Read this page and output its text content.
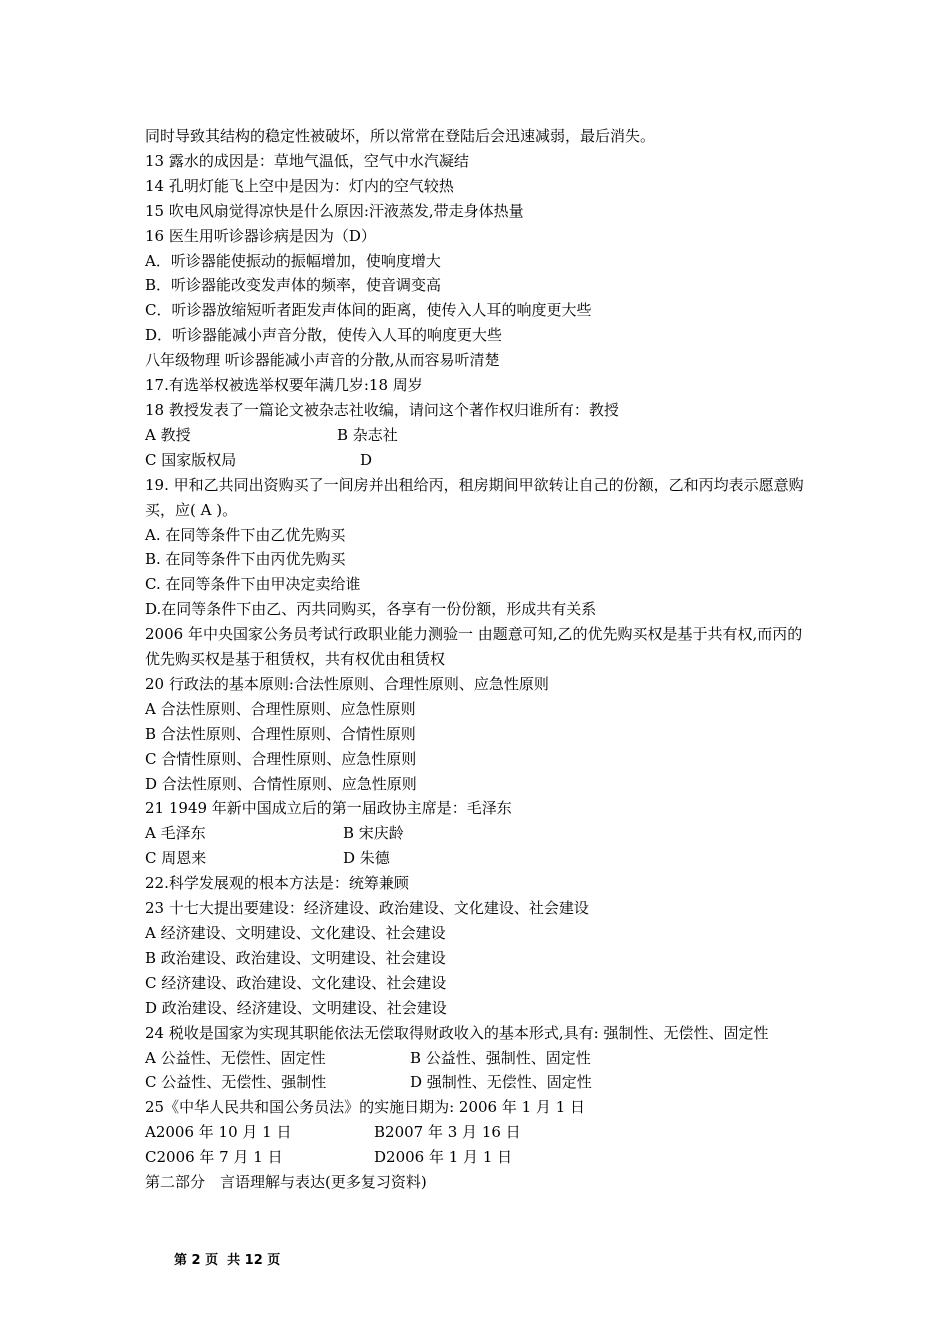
同时导致其结构的稳定性被破坏，所以常常在登陆后会迅速减弱，最后消失。
13 露水的成因是：草地气温低，空气中水汽凝结
14 孔明灯能飞上空中是因为：灯内的空气较热
15 吹电风扇觉得凉快是什么原因:汗液蒸发,带走身体热量
16 医生用听诊器诊病是因为（D）
A．听诊器能使振动的振幅增加，使响度增大
B．听诊器能改变发声体的频率，使音调变高
C．听诊器放缩短听者距发声体间的距离，使传入人耳的响度更大些
D．听诊器能减小声音分散，使传入人耳的响度更大些
八年级物理 听诊器能减小声音的分散,从而容易听清楚
17.有选举权被选举权要年满几岁:18 周岁
18 教授发表了一篇论文被杂志社收编，请问这个著作权归谁所有：教授
A 教授	B 杂志社
C 国家版权局	D
19. 甲和乙共同出资购买了一间房并出租给丙，租房期间甲欲转让自己的份额，乙和丙均表示愿意购买，应( A )。
A. 在同等条件下由乙优先购买
B. 在同等条件下由丙优先购买
C. 在同等条件下由甲决定卖给谁
D.在同等条件下由乙、丙共同购买，各享有一份份额，形成共有关系
2006 年中央国家公务员考试行政职业能力测验一 由题意可知,乙的优先购买权是基于共有权,而丙的优先购买权是基于租赁权，共有权优由租赁权
20 行政法的基本原则:合法性原则、合理性原则、应急性原则
A 合法性原则、合理性原则、应急性原则
B 合法性原则、合理性原则、合情性原则
C 合情性原则、合理性原则、应急性原则
D 合法性原则、合情性原则、应急性原则
21 1949 年新中国成立后的第一届政协主席是：毛泽东
A 毛泽东	B 宋庆龄
C 周恩来	D 朱德
22.科学发展观的根本方法是：统筹兼顾
23 十七大提出要建设：经济建设、政治建设、文化建设、社会建设
A 经济建设、文明建设、文化建设、社会建设
B 政治建设、政治建设、文明建设、社会建设
C 经济建设、政治建设、文化建设、社会建设
D 政治建设、经济建设、文明建设、社会建设
24 税收是国家为实现其职能依法无偿取得财政收入的基本形式,具有: 强制性、无偿性、固定性
A 公益性、无偿性、固定性	B 公益性、强制性、固定性
C 公益性、无偿性、强制性	D 强制性、无偿性、固定性
25《中华人民共和国公务员法》的实施日期为: 2006 年 1 月 1 日
A2006 年 10 月 1 日	B2007 年 3 月 16 日
C2006 年 7 月 1 日	D2006 年 1 月 1 日
第二部分　言语理解与表达(更多复习资料)
第 2 页  共 12 页
